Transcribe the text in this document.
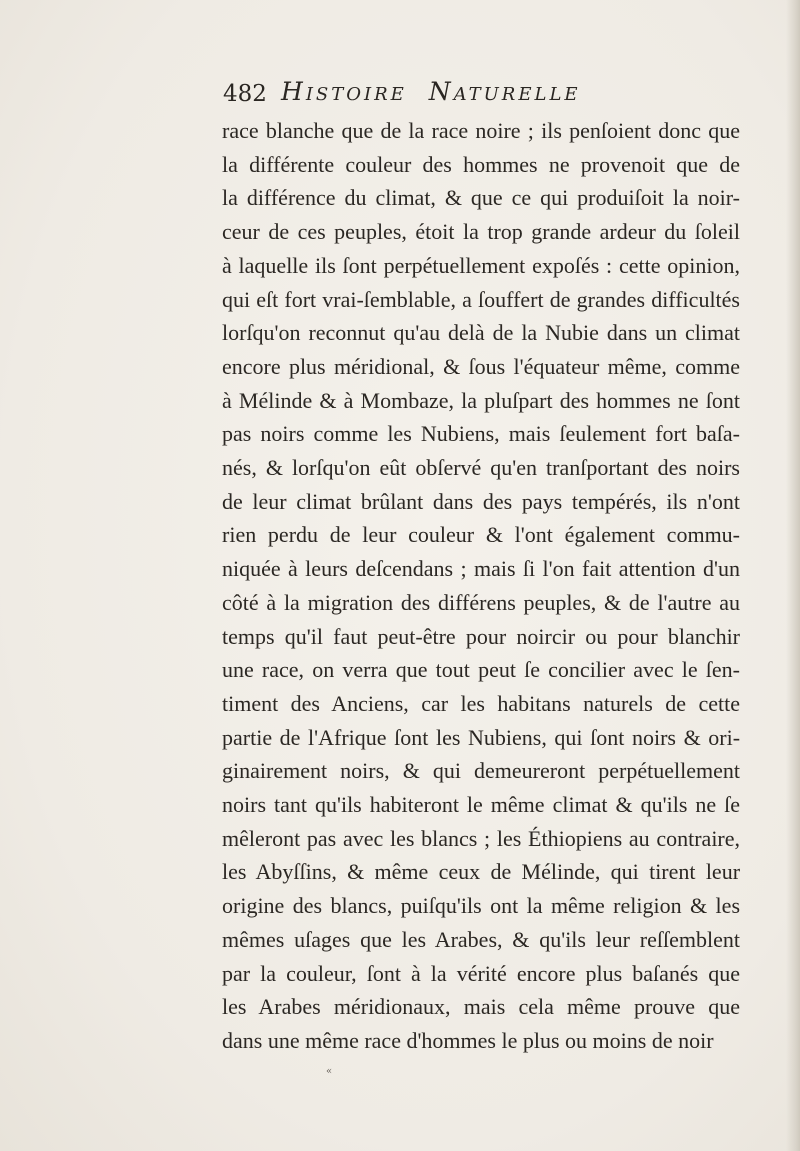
482 HISTOIRE NATURELLE
race blanche que de la race noire ; ils penſoient donc que
la différente couleur des hommes ne provenoit que de
la différence du climat, & que ce qui produiſoit la noir-
ceur de ces peuples, étoit la trop grande ardeur du ſoleil
à laquelle ils ſont perpétuellement expoſés : cette opinion,
qui eſt fort vrai-ſemblable, a ſouffert de grandes difficultés
lorſqu'on reconnut qu'au delà de la Nubie dans un climat
encore plus méridional, & ſous l'équateur même, comme
à Mélinde & à Mombaze, la pluſpart des hommes ne ſont
pas noirs comme les Nubiens, mais ſeulement fort baſa-
nés, & lorſqu'on eût obſervé qu'en tranſportant des noirs
de leur climat brûlant dans des pays tempérés, ils n'ont
rien perdu de leur couleur & l'ont également commu-
niquée à leurs deſcendans ; mais ſi l'on fait attention d'un
côté à la migration des différens peuples, & de l'autre au
temps qu'il faut peut-être pour noircir ou pour blanchir
une race, on verra que tout peut ſe concilier avec le ſen-
timent des Anciens, car les habitans naturels de cette
partie de l'Afrique ſont les Nubiens, qui ſont noirs & ori-
ginairement noirs, & qui demeureront perpétuellement
noirs tant qu'ils habiteront le même climat & qu'ils ne ſe
mêleront pas avec les blancs ; les Éthiopiens au contraire,
les Abyſſins, & même ceux de Mélinde, qui tirent leur
origine des blancs, puiſqu'ils ont la même religion & les
mêmes uſages que les Arabes, & qu'ils leur reſſemblent
par la couleur, ſont à la vérité encore plus baſanés que
les Arabes méridionaux, mais cela même prouve que
dans une même race d'hommes le plus ou moins de noir
«
